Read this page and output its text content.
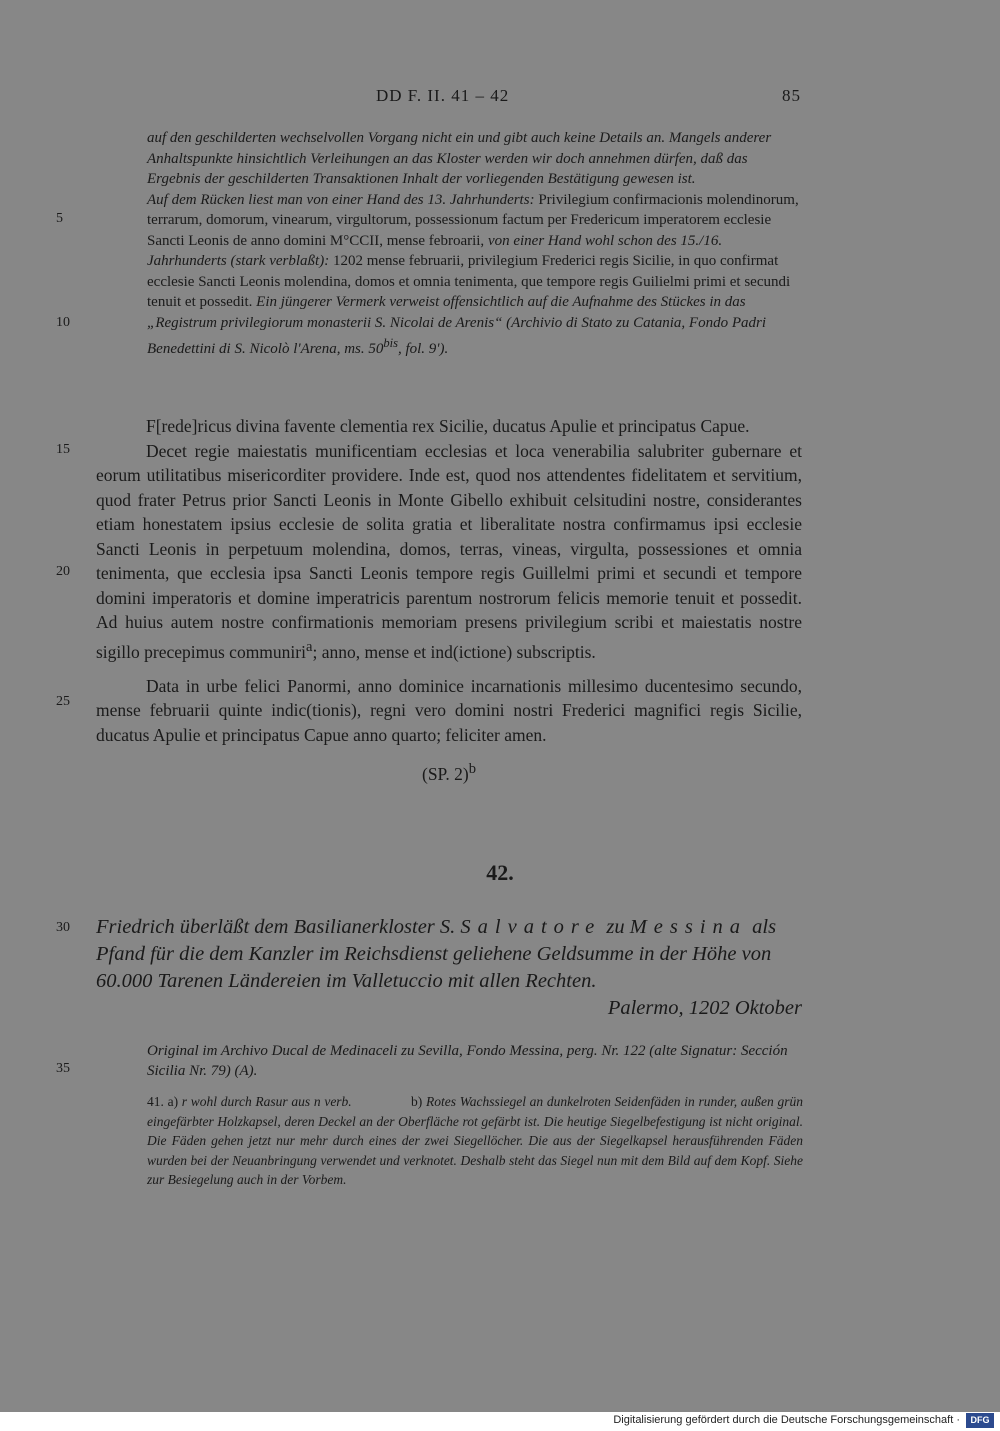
DD F. II. 41 – 42	85
auf den geschilderten wechselvollen Vorgang nicht ein und gibt auch keine Details an. Mangels anderer Anhaltspunkte hinsichtlich Verleihungen an das Kloster werden wir doch annehmen dürfen, daß das Ergebnis der geschilderten Transaktionen Inhalt der vorliegenden Bestätigung gewesen ist.
Auf dem Rücken liest man von einer Hand des 13. Jahrhunderts: Privilegium confirmacionis molendinorum, terrarum, domorum, vinearum, virgultorum, possessionum factum per Fredericum imperatorem ecclesie Sancti Leonis de anno domini M°CCII, mense febroarii, von einer Hand wohl schon des 15./16. Jahrhunderts (stark verblaßt): 1202 mense februarii, privilegium Frederici regis Sicilie, in quo confirmat ecclesie Sancti Leonis molendina, domos et omnia tenimenta, que tempore regis Guilielmi primi et secundi tenuit et possedit. Ein jüngerer Vermerk verweist offensichtlich auf die Aufnahme des Stückes in das „Registrum privilegiorum monasterii S. Nicolai de Arenis“ (Archivio di Stato zu Catania, Fondo Padri Benedettini di S. Nicolò l'Arena, ms. $50^{bis}$, fol. 9').
5
10
15
20
25
30
35

F[rede]ricus divina favente clementia rex Sicilie, ducatus Apulie et principatus Capue.

Decet regie maiestatis munificentiam ecclesias et loca venerabilia salubriter gubernare et eorum utilitatibus misericorditer providere. Inde est, quod nos attendentes fidelitatem et servitium, quod frater Petrus prior Sancti Leonis in Monte Gibello exhibuit celsitudini nostre, considerantes etiam honestatem ipsius ecclesie de solita gratia et liberalitate nostra confirmamus ipsi ecclesie Sancti Leonis in perpetuum molendina, domos, terras, vineas, virgulta, possessiones et omnia tenimenta, que ecclesia ipsa Sancti Leonis tempore regis Guillelmi primi et secundi et tempore domini imperatoris et domine imperatricis parentum nostrorum felicis memorie tenuit et possedit. Ad huius autem nostre confirmationis memoriam presens privilegium scribi et maiestatis nostre sigillo precepimus communiri$^a$; anno, mense et ind(ictione) subscriptis.

Data in urbe felici Panormi, anno dominice incarnationis millesimo ducentesimo secundo, mense februarii quinte indic(tionis), regni vero domini nostri Frederici magnifici regis Sicilie, ducatus Apulie et principatus Capue anno quarto; feliciter amen.

(SP. 2)$^b$

42.
Friedrich überläßt dem Basilianerkloster S. Salvatore zu Messina als Pfand für die dem Kanzler im Reichsdienst geliehene Geldsumme in der Höhe von 60.000 Tarenen Ländereien im Valletuccio mit allen Rechten.
Palermo, 1202 Oktober
Original im Archivo Ducal de Medinaceli zu Sevilla, Fondo Messina, perg. Nr. 122 (alte Signatur: Sección Sicilia Nr. 79) (A).
41. a) r wohl durch Rasur aus n verb.	b) Rotes Wachssiegel an dunkelroten Seidenfäden in runder, außen grün eingefärbter Holzkapsel, deren Deckel an der Oberfläche rot gefärbt ist. Die heutige Siegelbefestigung ist nicht original. Die Fäden gehen jetzt nur mehr durch eines der zwei Siegellöcher. Die aus der Siegelkapsel herausführenden Fäden wurden bei der Neuanbringung verwendet und verknotet. Deshalb steht das Siegel nun mit dem Bild auf dem Kopf. Siehe zur Besiegelung auch in der Vorbem.
Digitalisierung gefördert durch die Deutsche Forschungsgemeinschaft ·	DFG
